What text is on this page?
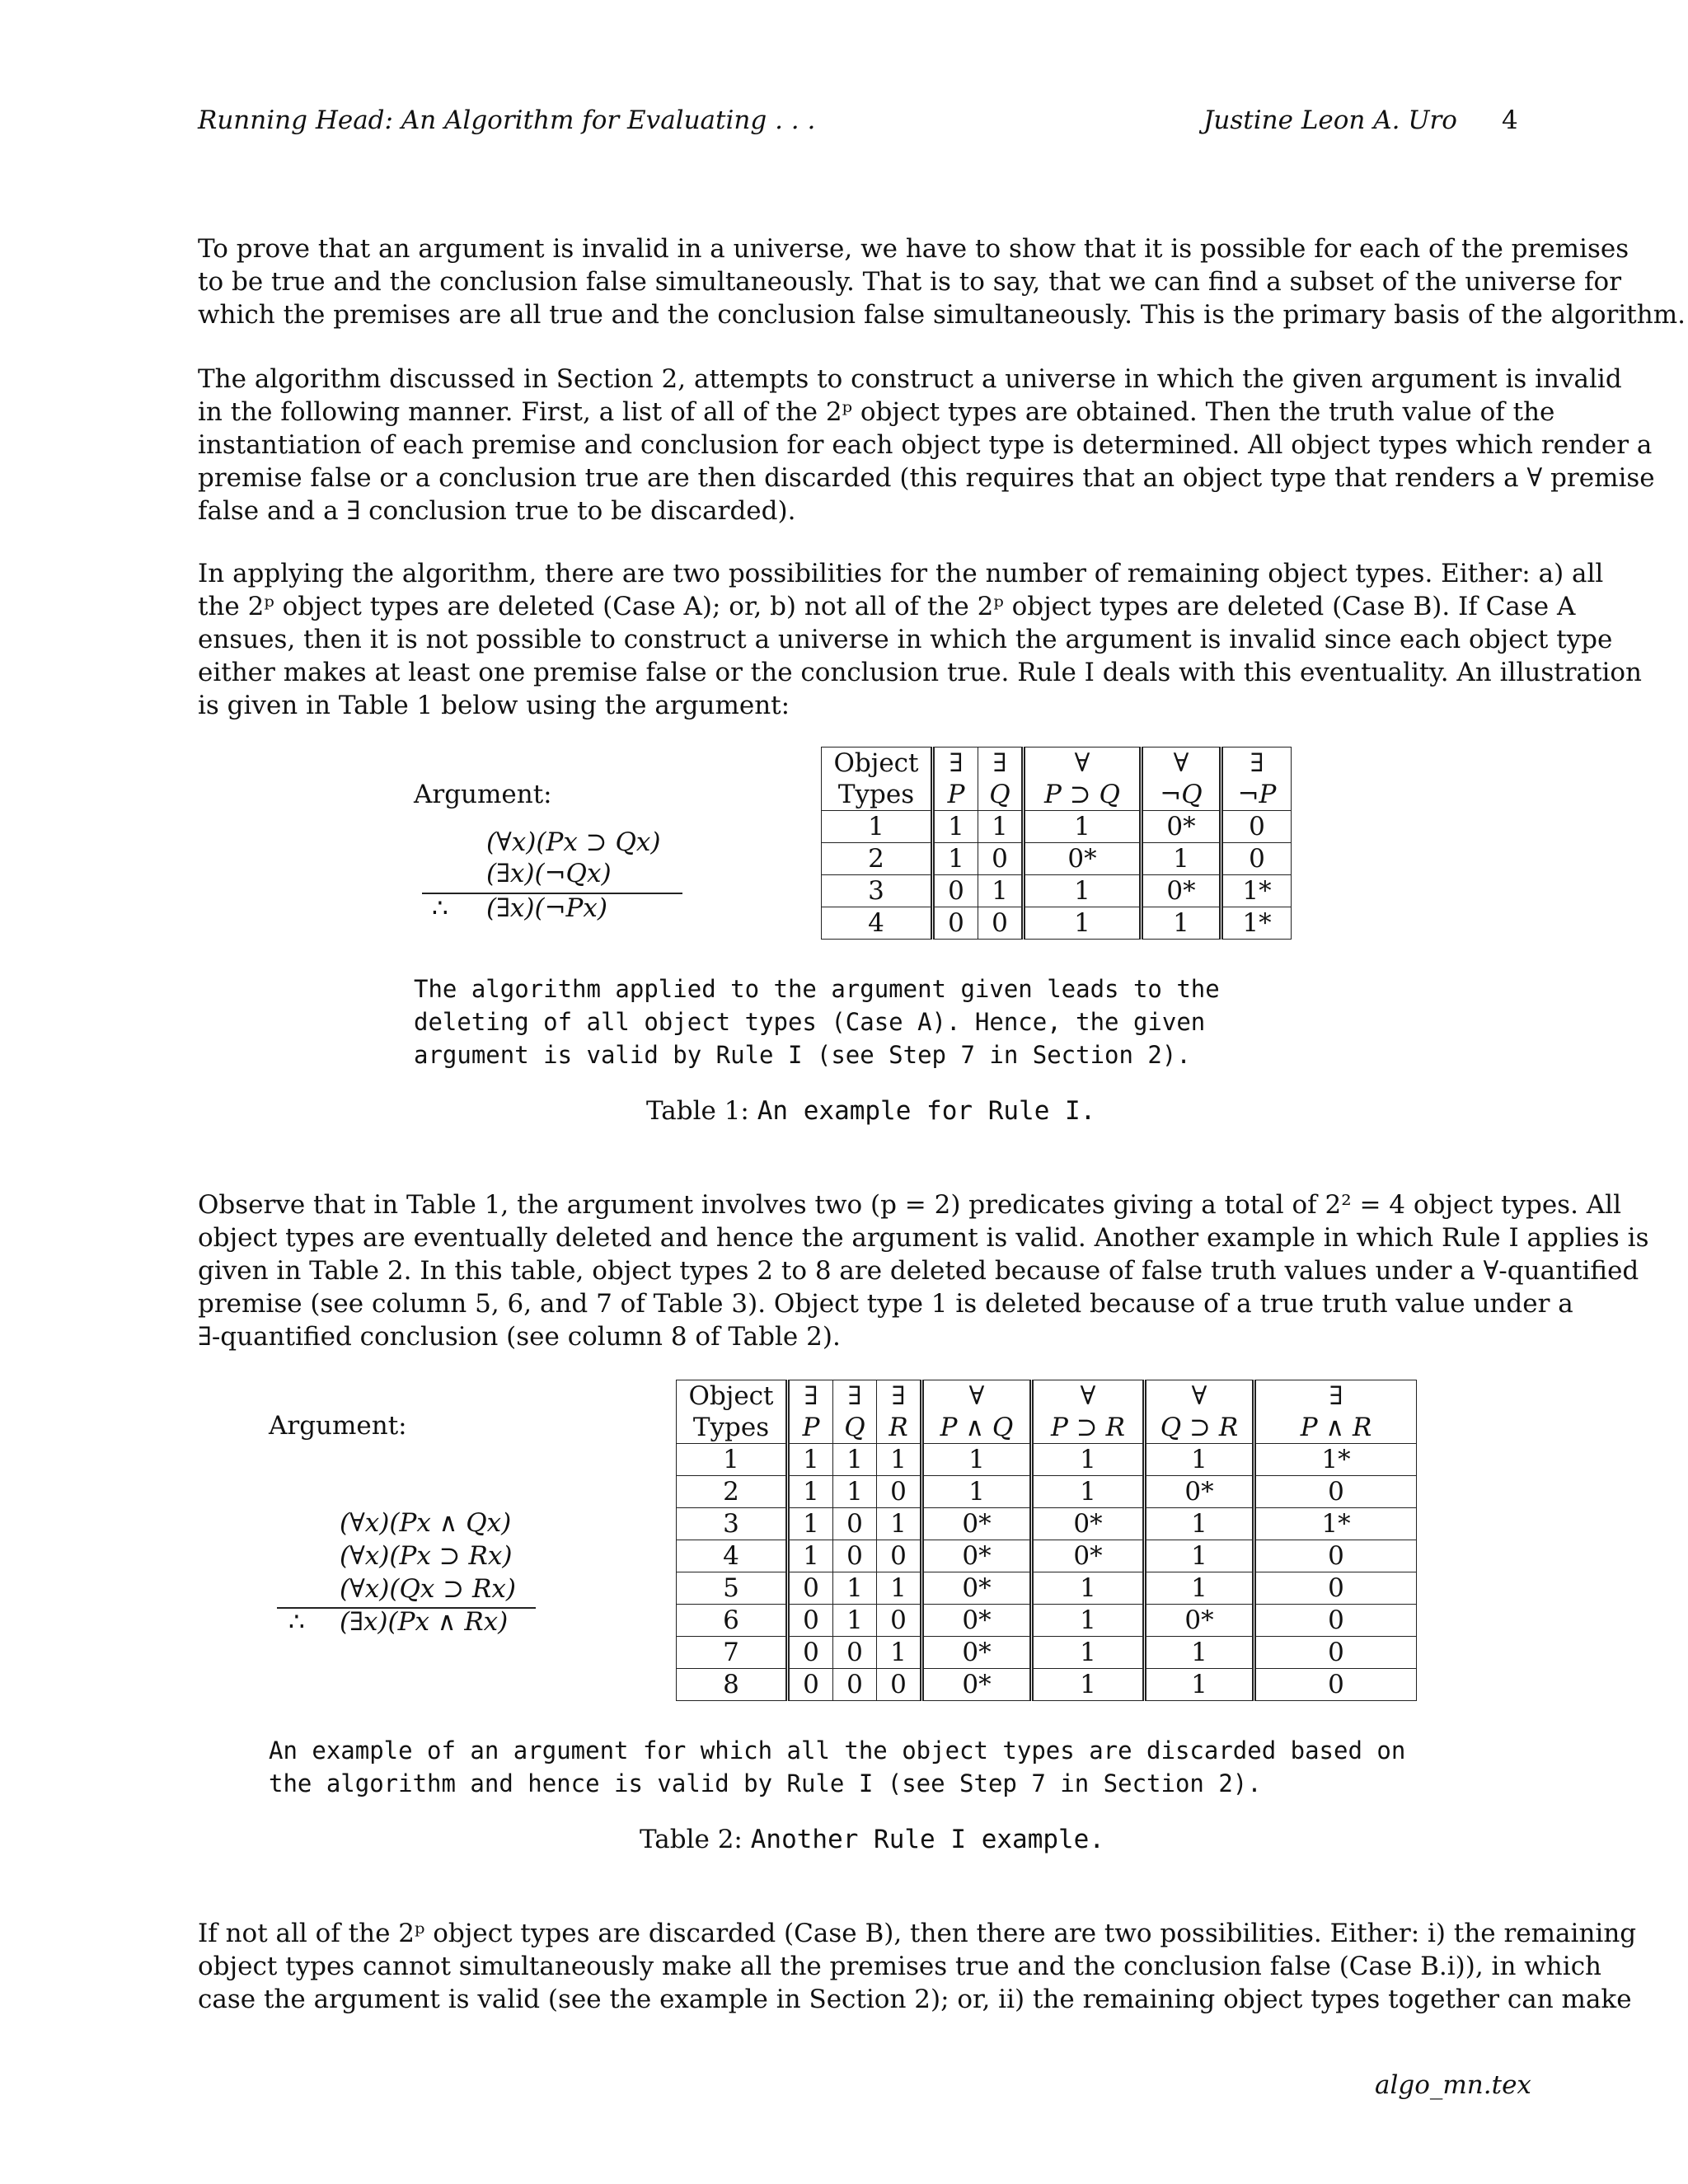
Running Head: An Algorithm for Evaluating . . .	Justine Leon A. Uro 4
To prove that an argument is invalid in a universe, we have to show that it is possible for each of the premises
to be true and the conclusion false simultaneously. That is to say, that we can find a subset of the universe for
which the premises are all true and the conclusion false simultaneously. This is the primary basis of the algorithm.
The algorithm discussed in Section 2, attempts to construct a universe in which the given argument is invalid
in the following manner. First, a list of all of the 2ᵖ object types are obtained. Then the truth value of the
instantiation of each premise and conclusion for each object type is determined. All object types which render a
premise false or a conclusion true are then discarded (this requires that an object type that renders a ∀ premise
false and a ∃ conclusion true to be discarded).
In applying the algorithm, there are two possibilities for the number of remaining object types. Either: a) all
the 2ᵖ object types are deleted (Case A); or, b) not all of the 2ᵖ object types are deleted (Case B). If Case A
ensues, then it is not possible to construct a universe in which the argument is invalid since each object type
either makes at least one premise false or the conclusion true. Rule I deals with this eventuality. An illustration
is given in Table 1 below using the argument:
Argument:
(∀x)(Px ⊃ Qx)
(∃x)(¬Qx)
∴ (∃x)(¬Px)
Object	∃	∃	∀	∀	∃
Types	P	Q	P ⊃ Q	¬Q	¬P
1	1	1	1	0*	0
2	1	0	0*	1	0
3	0	1	1	0*	1*
4	0	0	1	1	1*
The algorithm applied to the argument given leads to the
deleting of all object types (Case A). Hence, the given
argument is valid by Rule I (see Step 7 in Section 2).
Table 1: An example for Rule I.
Observe that in Table 1, the argument involves two (p = 2) predicates giving a total of 2² = 4 object types. All
object types are eventually deleted and hence the argument is valid. Another example in which Rule I applies is
given in Table 2. In this table, object types 2 to 8 are deleted because of false truth values under a ∀-quantified
premise (see column 5, 6, and 7 of Table 3). Object type 1 is deleted because of a true truth value under a
∃-quantified conclusion (see column 8 of Table 2).
Argument:
(∀x)(Px ∧ Qx)
(∀x)(Px ⊃ Rx)
(∀x)(Qx ⊃ Rx)
∴ (∃x)(Px ∧ Rx)
Object	∃	∃	∃	∀	∀	∀	∃
Types	P	Q	R	P ∧ Q	P ⊃ R	Q ⊃ R	P ∧ R
1	1	1	1	1	1	1	1*
2	1	1	0	1	1	0*	0
3	1	0	1	0*	0*	1	1*
4	1	0	0	0*	0*	1	0
5	0	1	1	0*	1	1	0
6	0	1	0	0*	1	0*	0
7	0	0	1	0*	1	1	0
8	0	0	0	0*	1	1	0
An example of an argument for which all the object types are discarded based on
the algorithm and hence is valid by Rule I (see Step 7 in Section 2).
Table 2: Another Rule I example.
If not all of the 2ᵖ object types are discarded (Case B), then there are two possibilities. Either: i) the remaining
object types cannot simultaneously make all the premises true and the conclusion false (Case B.i)), in which
case the argument is valid (see the example in Section 2); or, ii) the remaining object types together can make
algo_mn.tex
